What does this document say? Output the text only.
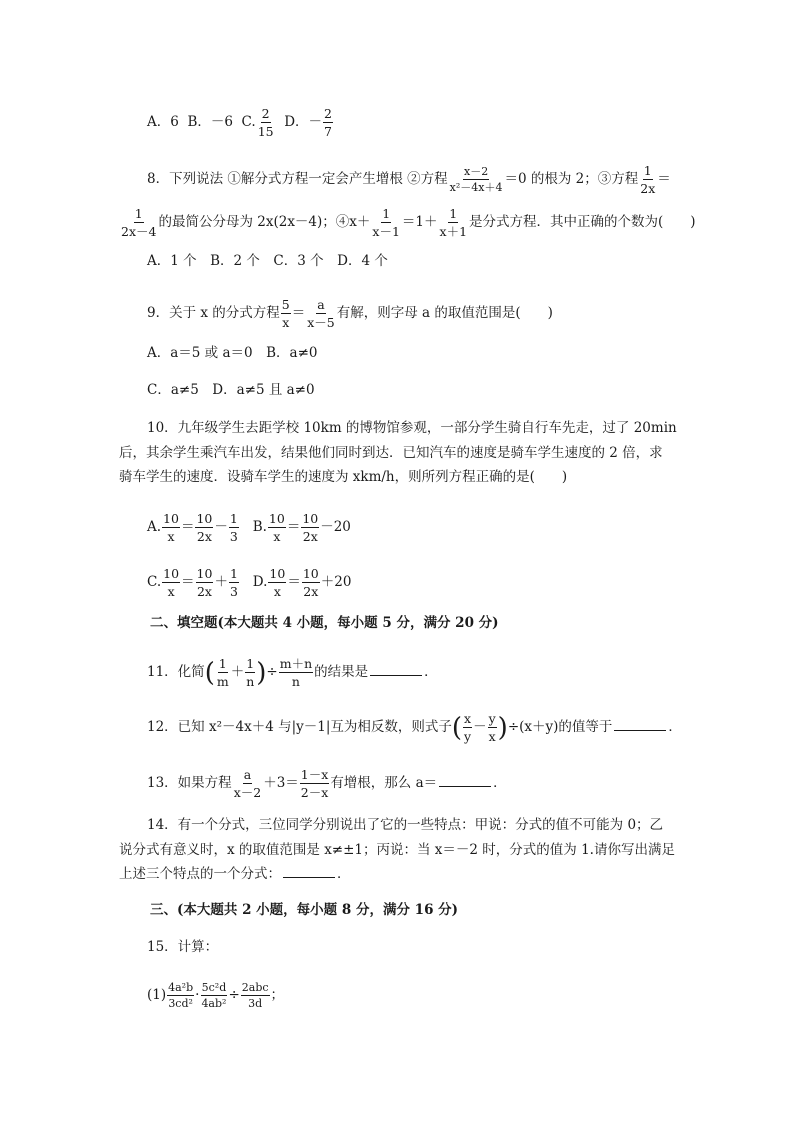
A．6 B．－6 C. $\frac{2}{15}$ D．－ $\frac{2}{7}$
8．下列说法 ①解分式方程一定会产生增根 ②方程 $\frac{x-2}{\text{x²－4x＋4}} =0$ 的根为 2；③方程 $\frac{1}{2x}$ ＝
$\frac{1}{2x-4}$ 的最简公分母为 2x(2x－4)；④x＋ $\frac{1}{x-1} =1+ \frac{1}{x+1}$ 是分式方程．其中正确的个数为(　　)
A．1 个　B．2 个　C．3 个　D．4 个
9．关于 x 的分式方程 $\frac{5}{x} = \frac{a}{x-5}$ 有解，则字母 a 的取值范围是(　　)
A．a＝5 或 a＝0　B．a≠0
C．a≠5　D．a≠5 且 a≠0
10．九年级学生去距学校 10km 的博物馆参观，一部分学生骑自行车先走，过了 20min
后，其余学生乘汽车出发，结果他们同时到达．已知汽车的速度是骑车学生速度的 2 倍，求
骑车学生的速度．设骑车学生的速度为 xkm/h，则所列方程正确的是(　　)
A. $\frac{10}{x} = \frac{10}{2x} - \frac{1}{3} B$. $\frac{10}{x} = \frac{10}{2x} -20$
C. $\frac{10}{x} = \frac{10}{2x} + \frac{1}{3} D$. $\frac{10}{x} = \frac{10}{2x} +20$
二、填空题(本大题共 4 小题，每小题 5 分，满分 20 分)
11．化简( $\frac{1}{m} + \frac{1}{n}$ )÷ $\frac{m+n}{n}$ 的结果是	．
12．已知 x²－4x＋4 与|y－1|互为相反数，则式子( $\frac{x}{y} - \frac{y}{x} )\div(x+y)$的值等于	．
13．如果方程 $\frac{a}{x-2} +3= \frac{1-x}{2-x}$ 有增根，那么 a＝	．
14．有一个分式，三位同学分别说出了它的一些特点：甲说：分式的值不可能为 0；乙
说分式有意义时，x 的取值范围是 x≠±1；丙说：当 x＝－2 时，分式的值为 1.请你写出满足
上述三个特点的一个分式：	．
三、(本大题共 2 小题，每小题 8 分，满分 16 分)
15．计算：
$(1) \frac{\text{4a²b}}{\text{3cd²}} \cdot \frac{\text{5c²d}}{\text{4ab²}} \div 2abc$
3d
；
